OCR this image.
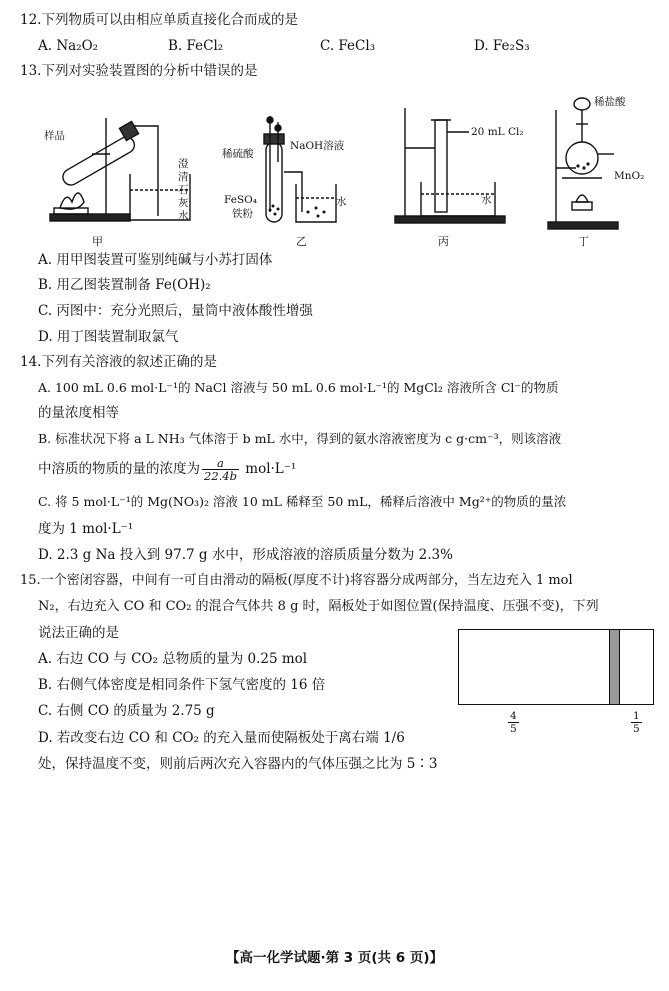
12.下列物质可以由相应单质直接化合而成的是
A. Na₂O₂	B. FeCl₂	C. FeCl₃	D. Fe₂S₃
13.下列对实验装置图的分析中错误的是
样品
澄清石灰水
甲
稀硫酸
NaOH溶液
FeSO₄
铁粉
水
乙
20 mL Cl₂
水
丙
稀盐酸
MnO₂
丁
A. 用甲图装置可鉴别纯碱与小苏打固体
B. 用乙图装置制备 Fe(OH)₂
C. 丙图中：充分光照后，量筒中液体酸性增强
D. 用丁图装置制取氯气
14.下列有关溶液的叙述正确的是
A. 100 mL 0.6 mol·L⁻¹的 NaCl 溶液与 50 mL 0.6 mol·L⁻¹的 MgCl₂ 溶液所含 Cl⁻的物质
的量浓度相等
B. 标准状况下将 a L NH₃ 气体溶于 b mL 水中，得到的氨水溶液密度为 c g·cm⁻³，则该溶液
中溶质的物质的量的浓度为 $\frac{a}{22.4b} mol\cdot L^{-1}$
C. 将 5 mol·L⁻¹的 Mg(NO₃)₂ 溶液 10 mL 稀释至 50 mL，稀释后溶液中 Mg²⁺的物质的量浓
度为 1 mol·L⁻¹
D. 2.3 g Na 投入到 97.7 g 水中，形成溶液的溶质质量分数为 2.3%
15.一个密闭容器，中间有一可自由滑动的隔板(厚度不计)将容器分成两部分，当左边充入 1 mol
N₂，右边充入 CO 和 CO₂ 的混合气体共 8 g 时，隔板处于如图位置(保持温度、压强不变)，下列
说法正确的是
$\frac{4}{5}$	$\frac{1}{5}$
A. 右边 CO 与 CO₂ 总物质的量为 0.25 mol
B. 右侧气体密度是相同条件下氢气密度的 16 倍
C. 右侧 CO 的质量为 2.75 g
D. 若改变右边 CO 和 CO₂ 的充入量而使隔板处于离右端 1/6
处，保持温度不变，则前后两次充入容器内的气体压强之比为 5∶3
【高一化学试题·第 3 页(共 6 页)】
